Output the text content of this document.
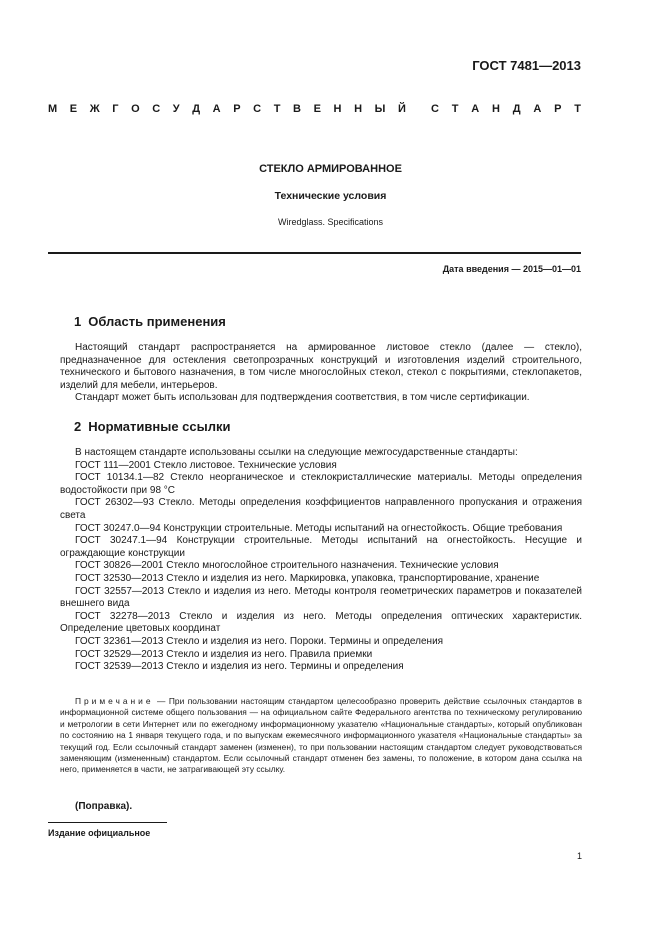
ГОСТ 7481—2013
М Е Ж Г О С У Д А Р С Т В Е Н Н Ы Й С Т А Н Д А Р Т
СТЕКЛО АРМИРОВАННОЕ
Технические условия
Wiredglass. Specifications
Дата введения — 2015—01—01
1 Область применения

Настоящий стандарт распространяется на армированное листовое стекло (далее — стекло), предназначенное для остекления светопрозрачных конструкций и изготовления изделий строительного, технического и бытового назначения, в том числе многослойных стекол, стекол с покрытиями, стеклопакетов, изделий для мебели, интерьеров.

Стандарт может быть использован для подтверждения соответствия, в том числе сертификации.

2 Нормативные ссылки

В настоящем стандарте использованы ссылки на следующие межгосударственные стандарты:

ГОСТ 111—2001 Стекло листовое. Технические условия

ГОСТ 10134.1—82 Стекло неорганическое и стеклокристаллические материалы. Методы определения водостойкости при 98 °С

ГОСТ 26302—93 Стекло. Методы определения коэффициентов направленного пропускания и отражения света

ГОСТ 30247.0—94 Конструкции строительные. Методы испытаний на огнестойкость. Общие требования

ГОСТ 30247.1—94 Конструкции строительные. Методы испытаний на огнестойкость. Несущие и ограждающие конструкции

ГОСТ 30826—2001 Стекло многослойное строительного назначения. Технические условия

ГОСТ 32530—2013 Стекло и изделия из него. Маркировка, упаковка, транспортирование, хранение

ГОСТ 32557—2013 Стекло и изделия из него. Методы контроля геометрических параметров и показателей внешнего вида

ГОСТ 32278—2013 Стекло и изделия из него. Методы определения оптических характеристик. Определение цветовых координат

ГОСТ 32361—2013 Стекло и изделия из него. Пороки. Термины и определения

ГОСТ 32529—2013 Стекло и изделия из него. Правила приемки

ГОСТ 32539—2013 Стекло и изделия из него. Термины и определения

Примечание — При пользовании настоящим стандартом целесообразно проверить действие ссылочных стандартов в информационной системе общего пользования — на официальном сайте Федерального агентства по техническому регулированию и метрологии в сети Интернет или по ежегодному информационному указателю «Национальные стандарты», который опубликован по состоянию на 1 января текущего года, и по выпускам ежемесячного информационного указателя «Национальные стандарты» за текущий год. Если ссылочный стандарт заменен (изменен), то при пользовании настоящим стандартом следует руководствоваться заменяющим (измененным) стандартом. Если ссылочный стандарт отменен без замены, то положение, в котором дана ссылка на него, применяется в части, не затрагивающей эту ссылку.

(Поправка).
Издание официальное
1
